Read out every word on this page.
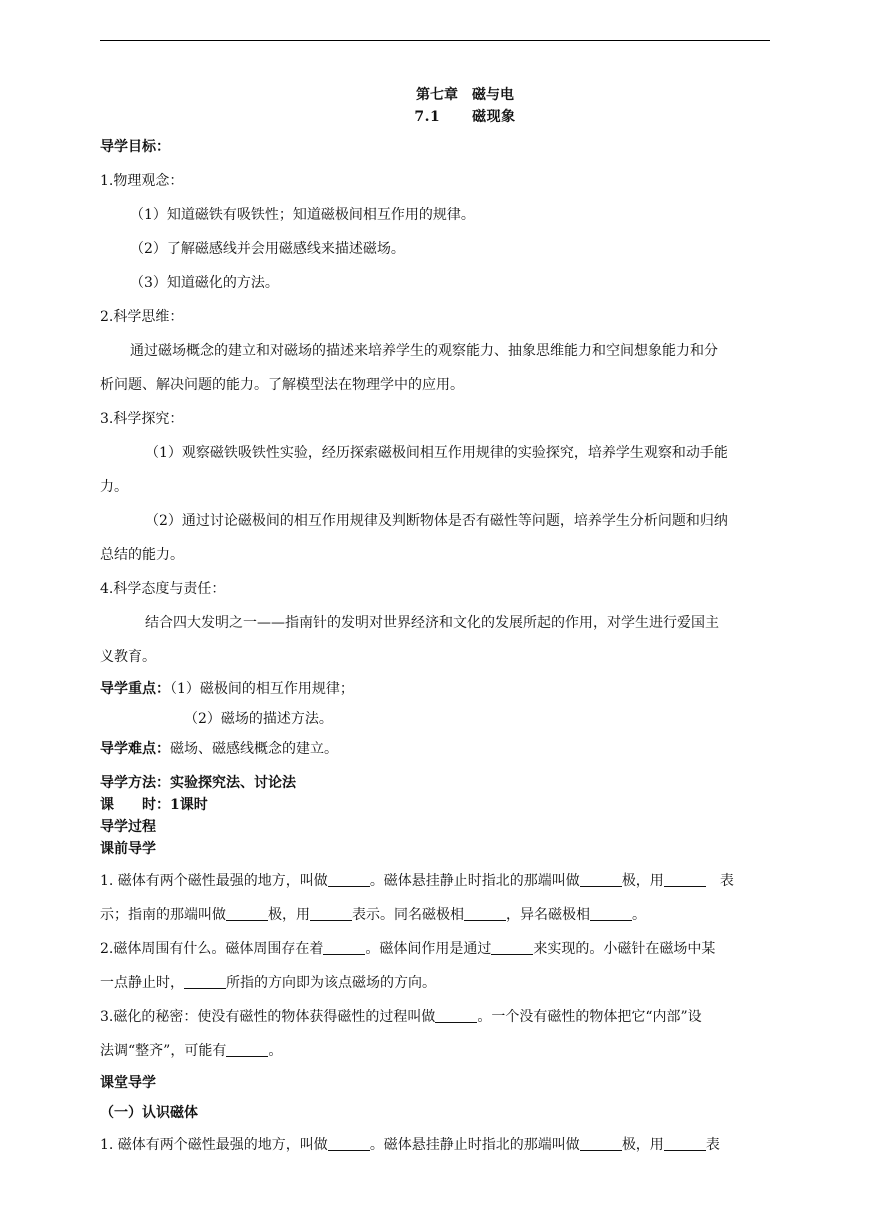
第七章　磁与电
7.1　 磁现象
导学目标：
1.物理观念：
（1）知道磁铁有吸铁性；知道磁极间相互作用的规律。
（2）了解磁感线并会用磁感线来描述磁场。
（3）知道磁化的方法。
2.科学思维：
通过磁场概念的建立和对磁场的描述来培养学生的观察能力、抽象思维能力和空间想象能力和分
析问题、解决问题的能力。了解模型法在物理学中的应用。
3.科学探究：
（1）观察磁铁吸铁性实验，经历探索磁极间相互作用规律的实验探究，培养学生观察和动手能
力。
（2）通过讨论磁极间的相互作用规律及判断物体是否有磁性等问题，培养学生分析问题和归纳
总结的能力。
4.科学态度与责任：
结合四大发明之一——指南针的发明对世界经济和文化的发展所起的作用，对学生进行爱国主
义教育。
导学重点：（1）磁极间的相互作用规律；
（2）磁场的描述方法。
导学难点：磁场、磁感线概念的建立。
导学方法：实验探究法、讨论法
课　　时：1课时
导学过程
课前导学
1. 磁体有两个磁性最强的地方，叫做	。磁体悬挂静止时指北的那端叫做	极，用	表
示；指南的那端叫做	极，用	表示。同名磁极相	，异名磁极相	。
2.磁体周围有什么。磁体周围存在着	。磁体间作用是通过	来实现的。小磁针在磁场中某
一点静止时，	所指的方向即为该点磁场的方向。
3.磁化的秘密：使没有磁性的物体获得磁性的过程叫做	。一个没有磁性的物体把它“内部”设
法调“整齐”，可能有	。
课堂导学
（一）认识磁体
1. 磁体有两个磁性最强的地方，叫做	。磁体悬挂静止时指北的那端叫做	极，用	表
